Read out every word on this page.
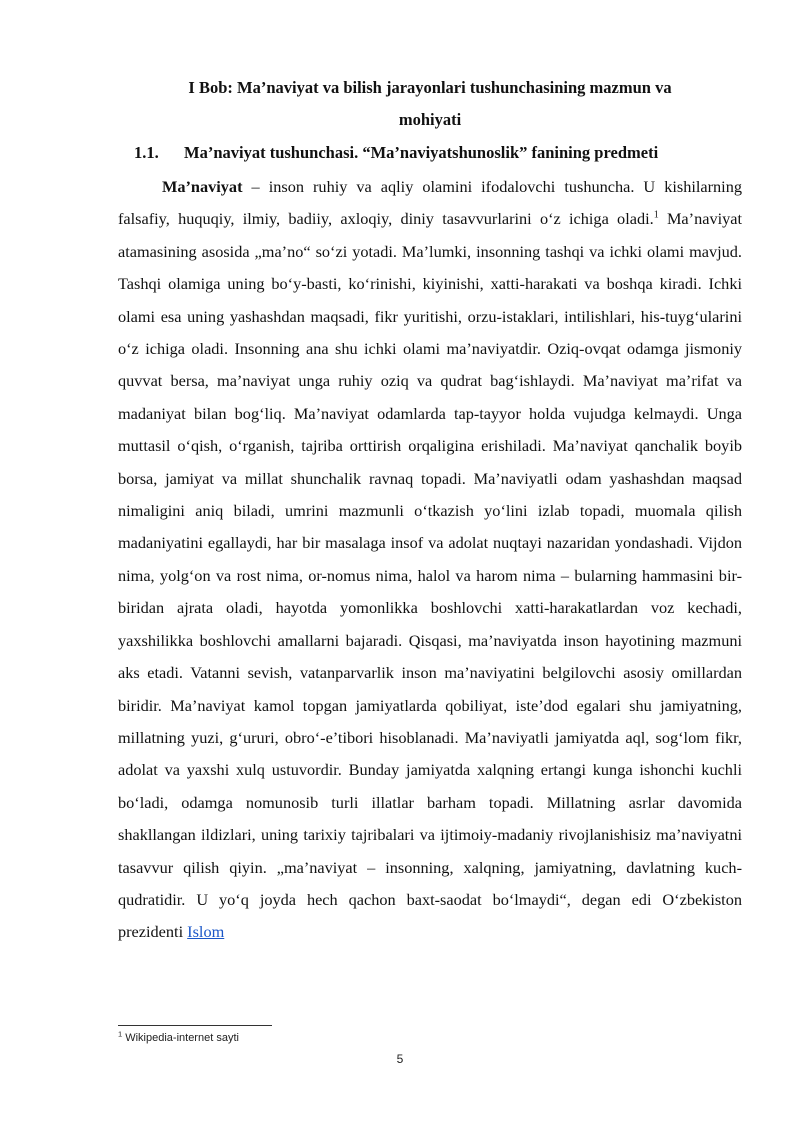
I Bob: Ma’naviyat va bilish jarayonlari tushunchasining mazmun va
mohiyati
1.1. Ma’naviyat tushunchasi. “Ma’naviyatshunoslik” fanining predmeti

Ma’naviyat – inson ruhiy va aqliy olamini ifodalovchi tushuncha. U kishilarning falsafiy, huquqiy, ilmiy, badiiy, axloqiy, diniy tasavvurlarini o‘z ichiga oladi.$^1$ Ma’naviyat atamasining asosida „ma’no“ so‘zi yotadi. Ma’lumki, insonning tashqi va ichki olami mavjud. Tashqi olamiga uning bo‘y-basti, ko‘rinishi, kiyinishi, xatti-harakati va boshqa kiradi. Ichki olami esa uning yashashdan maqsadi, fikr yuritishi, orzu-istaklari, intilishlari, his-tuyg‘ularini o‘z ichiga oladi. Insonning ana shu ichki olami ma’naviyatdir. Oziq-ovqat odamga jismoniy quvvat bersa, ma’naviyat unga ruhiy oziq va qudrat bag‘ishlaydi. Ma’naviyat ma’rifat va madaniyat bilan bog‘liq. Ma’naviyat odamlarda tap-tayyor holda vujudga kelmaydi. Unga muttasil o‘qish, o‘rganish, tajriba orttirish orqaligina erishiladi. Ma’naviyat qanchalik boyib borsa, jamiyat va millat shunchalik ravnaq topadi. Ma’naviyatli odam yashashdan maqsad nimaligini aniq biladi, umrini mazmunli o‘tkazish yo‘lini izlab topadi, muomala qilish madaniyatini egallaydi, har bir masalaga insof va adolat nuqtayi nazaridan yondashadi. Vijdon nima, yolg‘on va rost nima, or-nomus nima, halol va harom nima – bularning hammasini bir-biridan ajrata oladi, hayotda yomonlikka boshlovchi xatti-harakatlardan voz kechadi, yaxshilikka boshlovchi amallarni bajaradi. Qisqasi, ma’naviyatda inson hayotining mazmuni aks etadi. Vatanni sevish, vatanparvarlik inson ma’naviyatini belgilovchi asosiy omillardan biridir. Ma’naviyat kamol topgan jamiyatlarda qobiliyat, iste’dod egalari shu jamiyatning, millatning yuzi, g‘ururi, obro‘-e’tibori hisoblanadi. Ma’naviyatli jamiyatda aql, sog‘lom fikr, adolat va yaxshi xulq ustuvordir. Bunday jamiyatda xalqning ertangi kunga ishonchi kuchli bo‘ladi, odamga nomunosib turli illatlar barham topadi. Millatning asrlar davomida shakllangan ildizlari, uning tarixiy tajribalari va ijtimoiy-madaniy rivojlanishisiz ma’naviyatni tasavvur qilish qiyin. „ma’naviyat – insonning, xalqning, jamiyatning, davlatning kuch-qudratidir. U yo‘q joyda hech qachon baxt-saodat bo‘lmaydi“, degan edi O‘zbekiston prezidenti Islom

$^1$ Wikipedia-internet sayti
5
